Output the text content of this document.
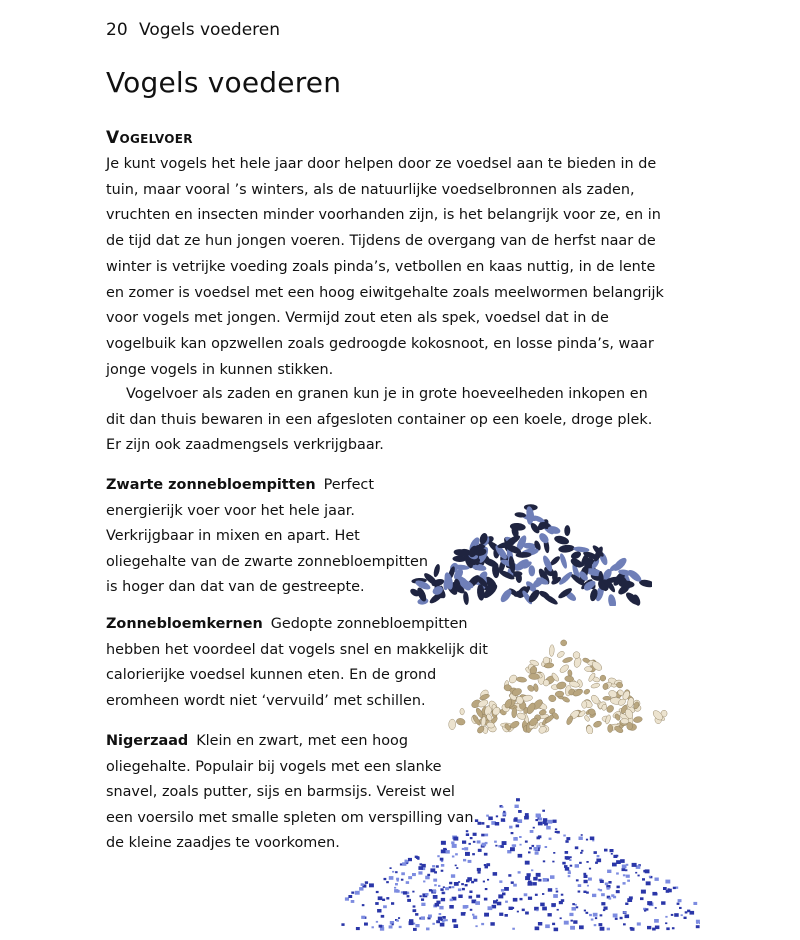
20 Vogels voederen
Vogels voederen
Vogelvoer

Je kunt vogels het hele jaar door helpen door ze voedsel aan te bieden in de tuin, maar vooral ’s winters, als de natuurlijke voedselbronnen als zaden, vruchten en insecten minder voorhanden zijn, is het belangrijk voor ze, en in de tijd dat ze hun jongen voeren. Tijdens de overgang van de herfst naar de winter is vetrijke voeding zoals pinda’s, vetbollen en kaas nuttig, in de lente en zomer is voedsel met een hoog eiwitgehalte zoals meelwormen belangrijk voor vogels met jongen. Vermijd zout eten als spek, voedsel dat in de vogelbuik kan opzwellen zoals gedroogde kokosnoot, en losse pinda’s, waar jonge vogels in kunnen stikken.

Vogelvoer als zaden en granen kun je in grote hoeveelheden inkopen en dit dan thuis bewaren in een afgesloten container op een koele, droge plek. Er zijn ook zaadmengsels verkrijgbaar.

Zwarte zonnebloempitten Perfect energierijk voer voor het hele jaar. Verkrijgbaar in mixen en apart. Het oliegehalte van de zwarte zonnebloempitten is hoger dan dat van de gestreepte.

Zonnebloemkernen Gedopte zonnebloempitten hebben het voordeel dat vogels snel en makkelijk dit calorierijke voedsel kunnen eten. En de grond eromheen wordt niet ‘vervuild’ met schillen.

Nigerzaad Klein en zwart, met een hoog oliegehalte. Populair bij vogels met een slanke snavel, zoals putter, sijs en barmsijs. Vereist wel een voersilo met smalle spleten om verspilling van de kleine zaadjes te voorkomen.
